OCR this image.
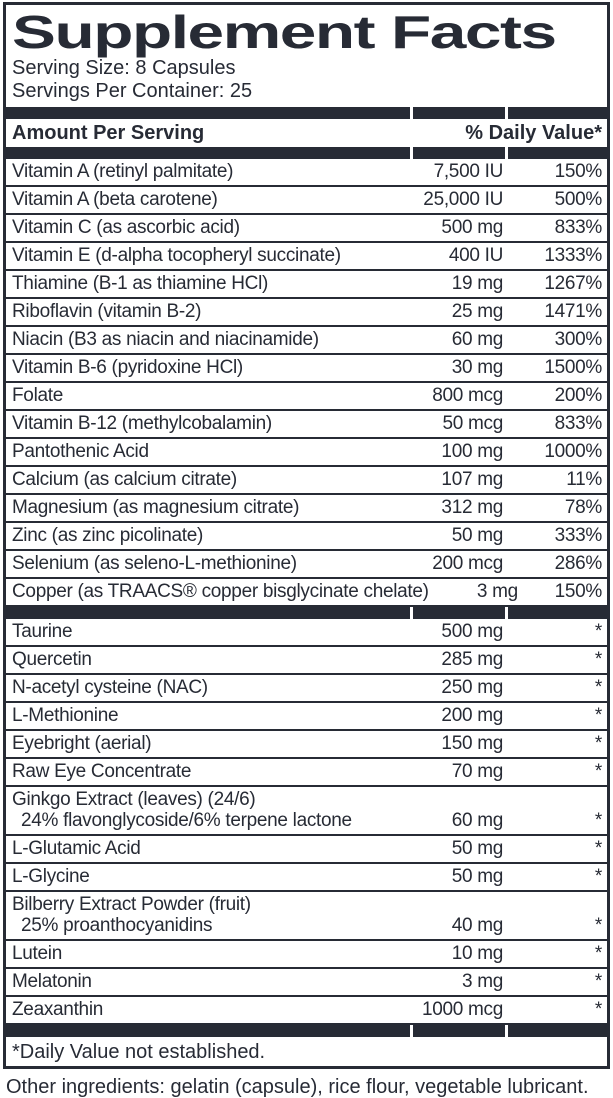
Supplement Facts
Serving Size: 8 Capsules
Servings Per Container: 25
Amount Per Serving	% Daily Value*
Vitamin A (retinyl palmitate)	7,500 IU	150%
Vitamin A (beta carotene)	25,000 IU	500%
Vitamin C (as ascorbic acid)	500 mg	833%
Vitamin E (d-alpha tocopheryl succinate)	400 IU	1333%
Thiamine (B-1 as thiamine HCl)	19 mg	1267%
Riboflavin (vitamin B-2)	25 mg	1471%
Niacin (B3 as niacin and niacinamide)	60 mg	300%
Vitamin B-6 (pyridoxine HCl)	30 mg	1500%
Folate	800 mcg	200%
Vitamin B-12 (methylcobalamin)	50 mcg	833%
Pantothenic Acid	100 mg	1000%
Calcium (as calcium citrate)	107 mg	11%
Magnesium (as magnesium citrate)	312 mg	78%
Zinc (as zinc picolinate)	50 mg	333%
Selenium (as seleno-L-methionine)	200 mcg	286%
Copper (as TRAACS® copper bisglycinate chelate)	3 mg	150%
Taurine	500 mg	*
Quercetin	285 mg	*
N-acetyl cysteine (NAC)	250 mg	*
L-Methionine	200 mg	*
Eyebright (aerial)	150 mg	*
Raw Eye Concentrate	70 mg	*
Ginkgo Extract (leaves) (24/6)
24% flavonglycoside/6% terpene lactone	60 mg	*
L-Glutamic Acid	50 mg	*
L-Glycine	50 mg	*
Bilberry Extract Powder (fruit)
25% proanthocyanidins	40 mg	*
Lutein	10 mg	*
Melatonin	3 mg	*
Zeaxanthin	1000 mcg	*
*Daily Value not established.
Other ingredients: gelatin (capsule), rice flour, vegetable lubricant.
